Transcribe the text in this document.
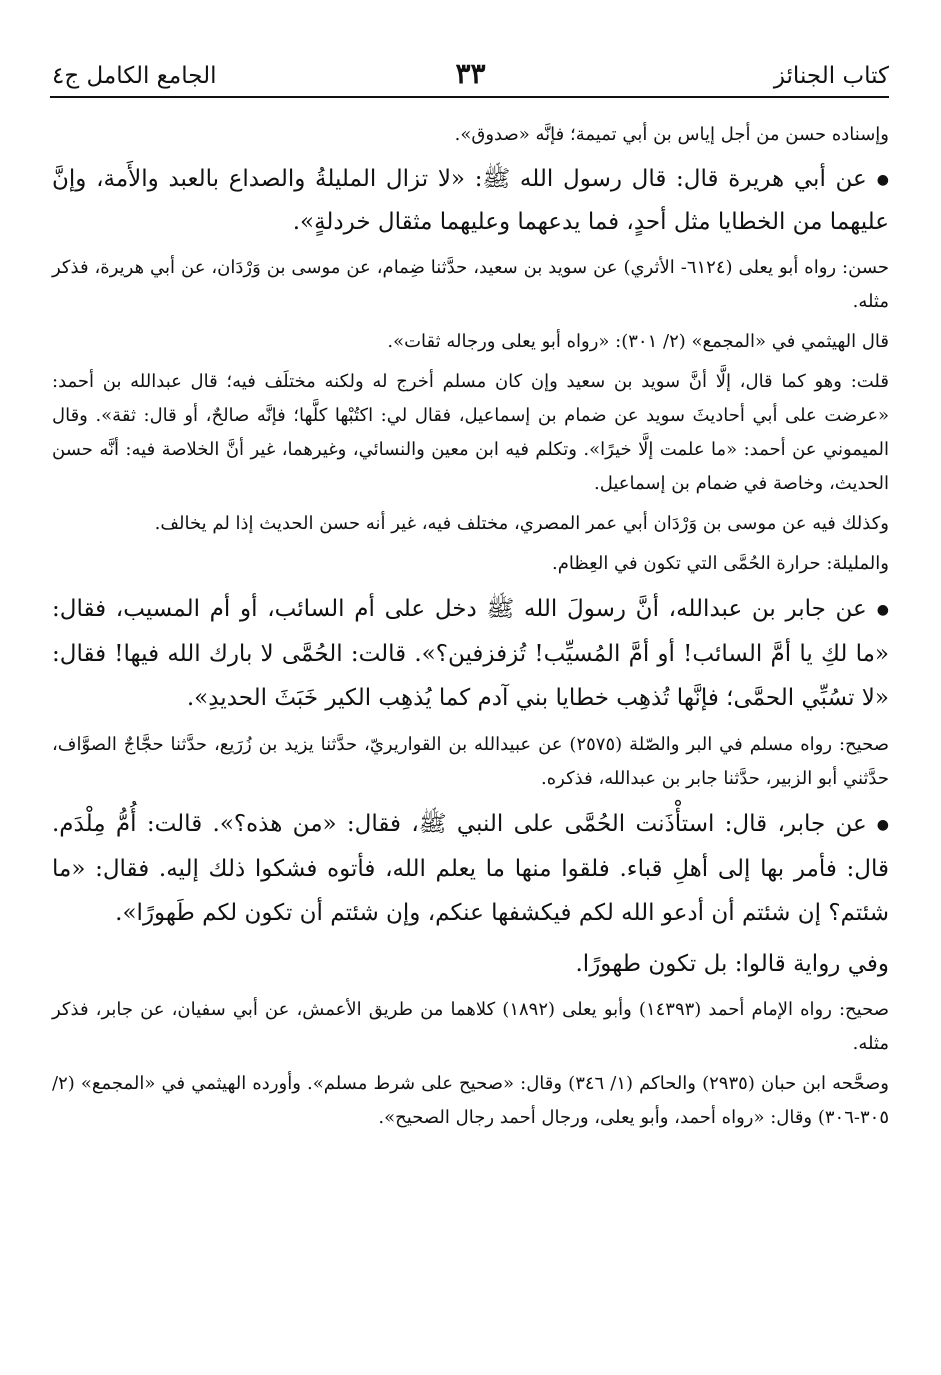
كتاب الجنائز
٣٣
الجامع الكامل ج٤

وإسناده حسن من أجل إياس بن أبي تميمة؛ فإنَّه «صدوق».

●عن أبي هريرة قال: قال رسول الله ﷺ: «لا تزال المليلةُ والصداع بالعبد والأَمة، وإنَّ عليهما من الخطايا مثل أحدٍ، فما يدعهما وعليهما مثقال خردلةٍ».

حسن: رواه أبو يعلى (٦١٢٤- الأثري) عن سويد بن سعيد، حدَّثنا ضِمام، عن موسى بن وَرْدَان، عن أبي هريرة، فذكر مثله.

قال الهيثمي في «المجمع» (٢/ ٣٠١): «رواه أبو يعلى ورجاله ثقات».

قلت: وهو كما قال، إلَّا أنَّ سويد بن سعيد وإن كان مسلم أخرج له ولكنه مختلَف فيه؛ قال عبدالله بن أحمد: «عرضت على أبي أحاديثَ سويد عن ضمام بن إسماعيل، فقال لي: اكتُبْها كلَّها؛ فإنَّه صالحٌ، أو قال: ثقة». وقال الميموني عن أحمد: «ما علمت إلَّا خيرًا». وتكلم فيه ابن معين والنسائي، وغيرهما، غير أنَّ الخلاصة فيه: أنَّه حسن الحديث، وخاصة في ضمام بن إسماعيل.

وكذلك فيه عن موسى بن وَرْدَان أبي عمر المصري، مختلف فيه، غير أنه حسن الحديث إذا لم يخالف.

والمليلة: حرارة الحُمَّى التي تكون في العِظام.

●عن جابر بن عبدالله، أنَّ رسولَ الله ﷺ دخل على أم السائب، أو أم المسيب، فقال: «ما لكِ يا أمَّ السائب! أو أمَّ المُسيِّب! تُزفزفين؟». قالت: الحُمَّى لا بارك الله فيها! فقال: «لا تسُبِّي الحمَّى؛ فإنَّها تُذهِب خطايا بني آدم كما يُذهِب الكير خَبَثَ الحديدِ».

صحيح: رواه مسلم في البر والصّلة (٢٥٧٥) عن عبيدالله بن القواريريّ، حدَّثنا يزيد بن زُرَيع، حدَّثنا حجَّاجٌ الصوَّاف، حدَّثني أبو الزبير، حدَّثنا جابر بن عبدالله، فذكره.

●عن جابر، قال: استأْذَنت الحُمَّى على النبي ﷺ، فقال: «من هذه؟». قالت: أُمُّ مِلْدَم. قال: فأمر بها إلى أهلِ قباء. فلقوا منها ما يعلم الله، فأتوه فشكوا ذلك إليه. فقال: «ما شئتم؟ إن شئتم أن أدعو الله لكم فيكشفها عنكم، وإن شئتم أن تكون لكم طَهورًا».

وفي رواية قالوا: بل تكون طهورًا.

صحيح: رواه الإمام أحمد (١٤٣٩٣) وأبو يعلى (١٨٩٢) كلاهما من طريق الأعمش، عن أبي سفيان، عن جابر، فذكر مثله.

وصحَّحه ابن حبان (٢٩٣٥) والحاكم (١/ ٣٤٦) وقال: «صحيح على شرط مسلم». وأورده الهيثمي في «المجمع» (٢/ ٣٠٥-٣٠٦) وقال: «رواه أحمد، وأبو يعلى، ورجال أحمد رجال الصحيح».
